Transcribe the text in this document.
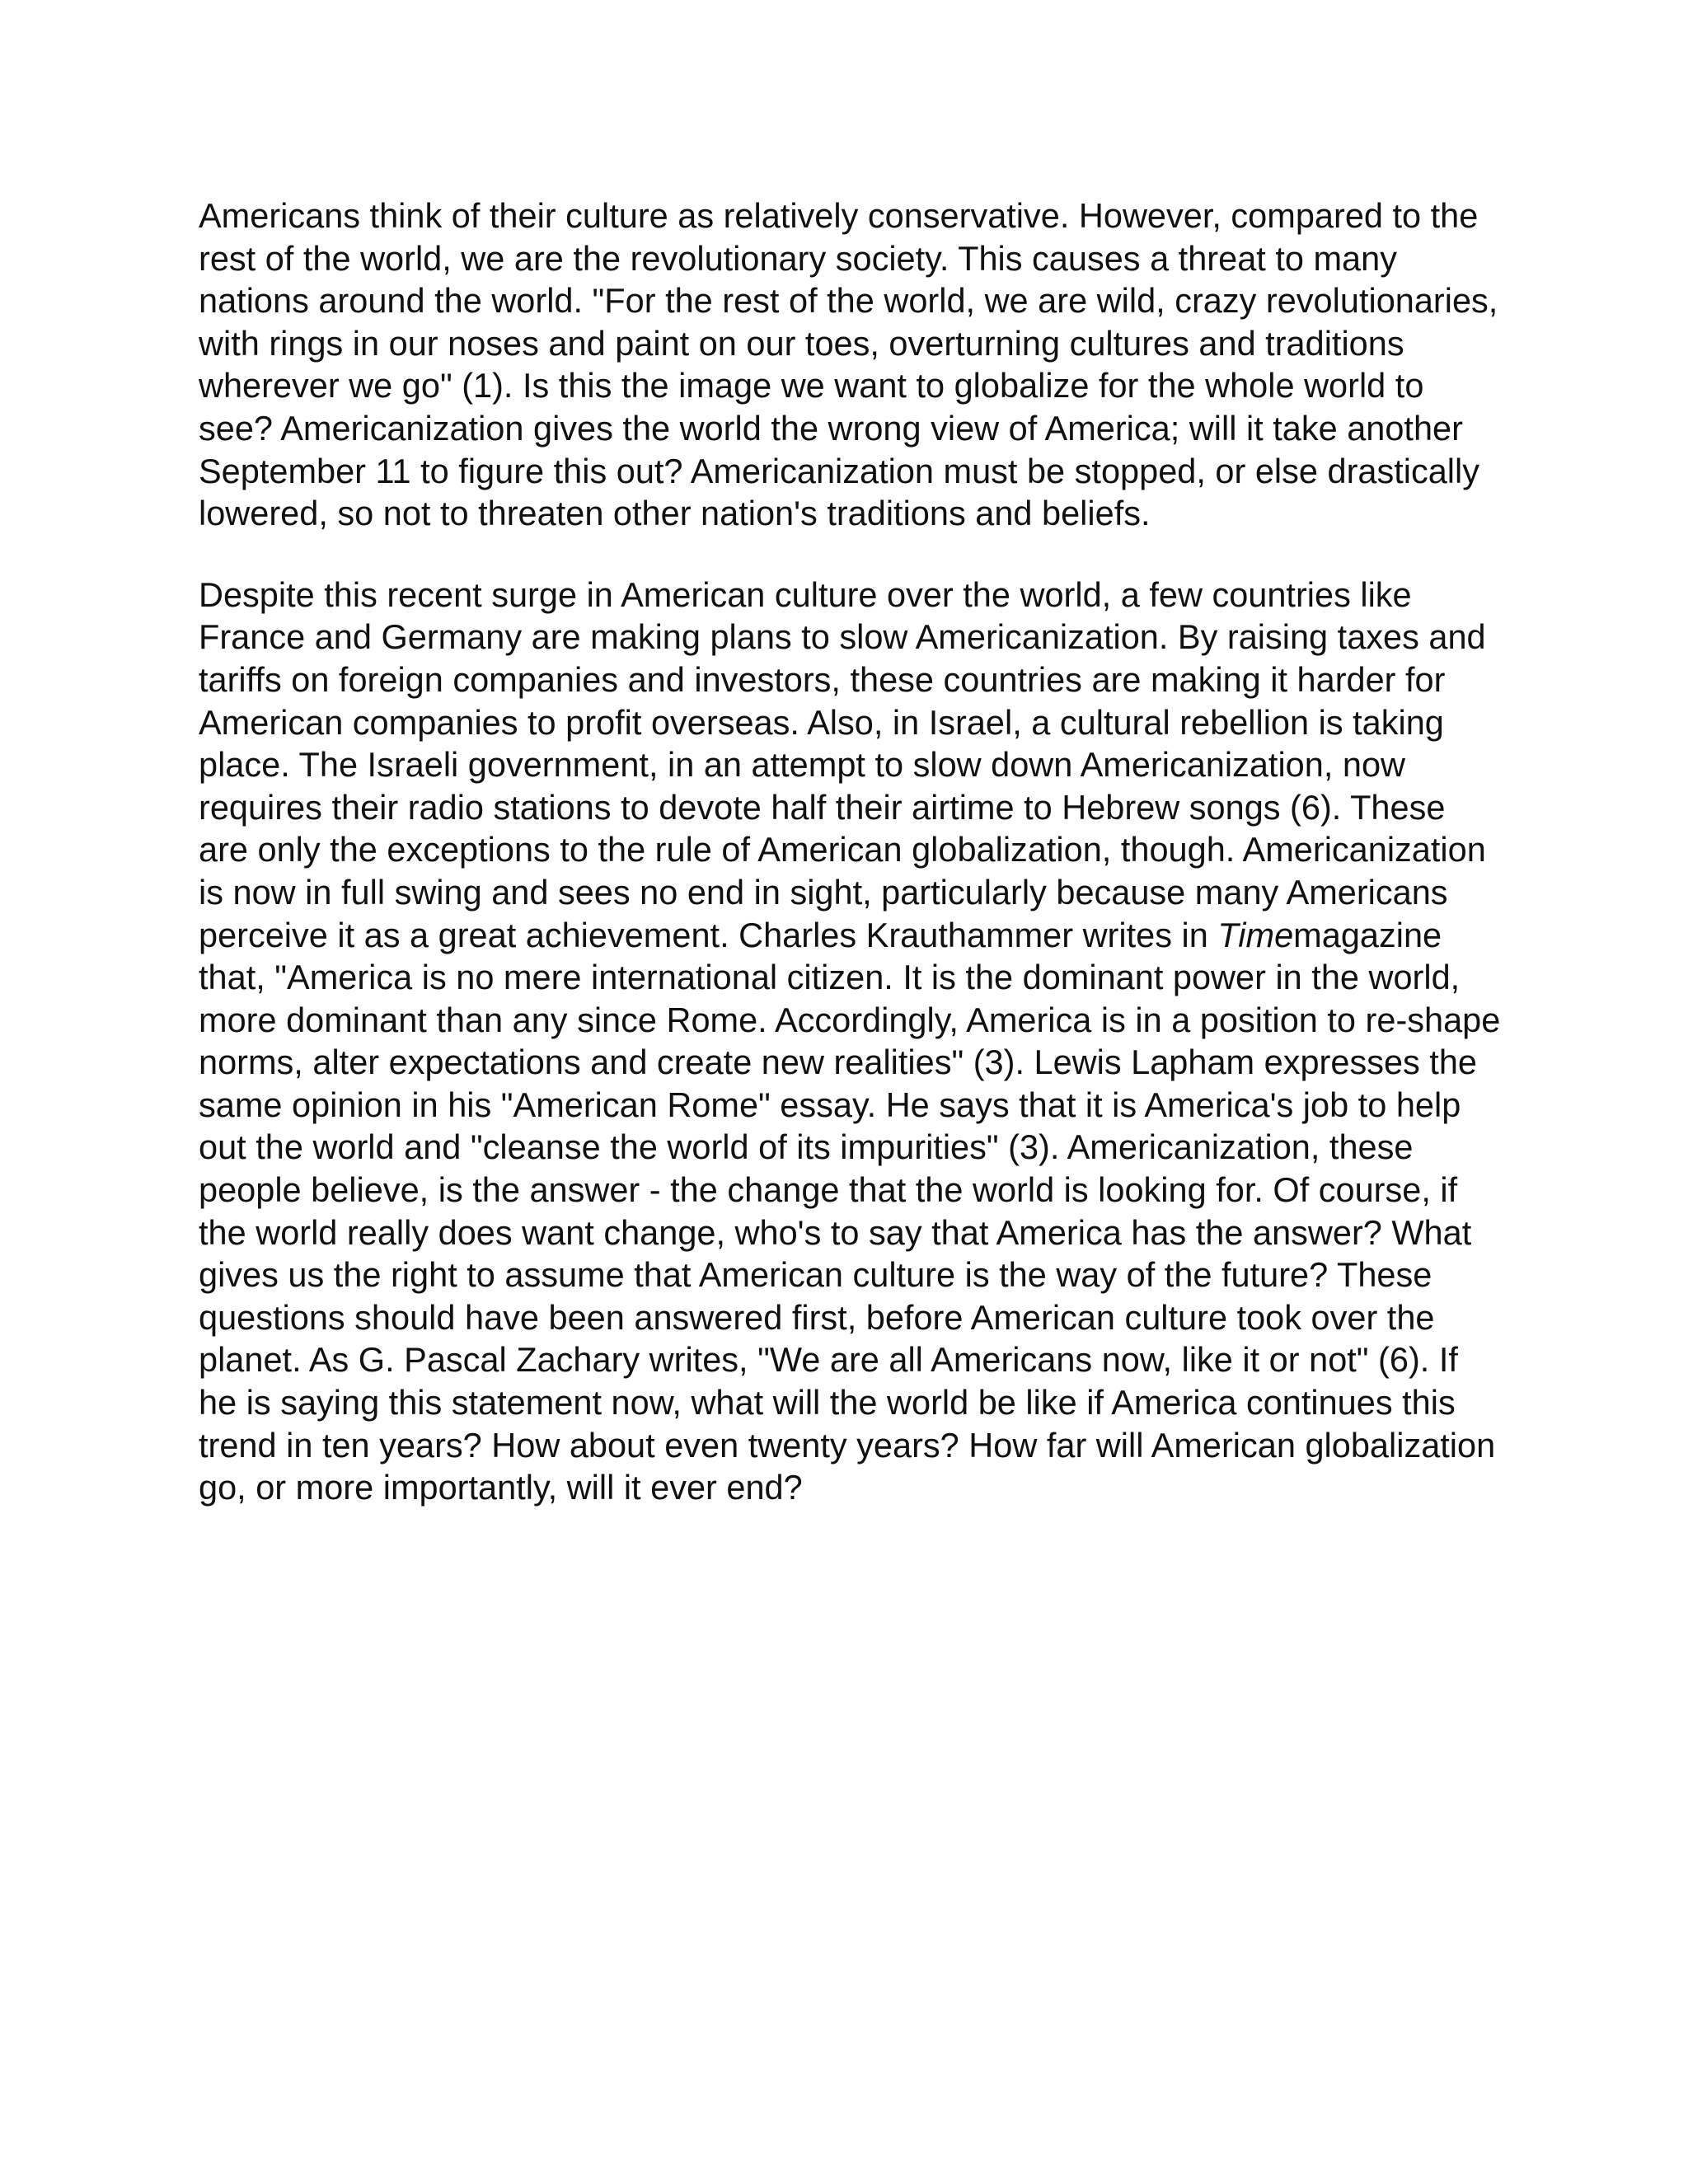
Americans think of their culture as relatively conservative. However, compared to the rest of the world, we are the revolutionary society. This causes a threat to many nations around the world. "For the rest of the world, we are wild, crazy revolutionaries, with rings in our noses and paint on our toes, overturning cultures and traditions wherever we go" (1). Is this the image we want to globalize for the whole world to see? Americanization gives the world the wrong view of America; will it take another September 11 to figure this out? Americanization must be stopped, or else drastically lowered, so not to threaten other nation's traditions and beliefs.

Despite this recent surge in American culture over the world, a few countries like France and Germany are making plans to slow Americanization. By raising taxes and tariffs on foreign companies and investors, these countries are making it harder for American companies to profit overseas. Also, in Israel, a cultural rebellion is taking place. The Israeli government, in an attempt to slow down Americanization, now requires their radio stations to devote half their airtime to Hebrew songs (6). These are only the exceptions to the rule of American globalization, though. Americanization is now in full swing and sees no end in sight, particularly because many Americans perceive it as a great achievement. Charles Krauthammer writes in Timemagazine that, "America is no mere international citizen. It is the dominant power in the world, more dominant than any since Rome. Accordingly, America is in a position to re-shape norms, alter expectations and create new realities" (3). Lewis Lapham expresses the same opinion in his "American Rome" essay. He says that it is America's job to help out the world and "cleanse the world of its impurities" (3). Americanization, these people believe, is the answer - the change that the world is looking for. Of course, if the world really does want change, who's to say that America has the answer? What gives us the right to assume that American culture is the way of the future? These questions should have been answered first, before American culture took over the planet. As G. Pascal Zachary writes, "We are all Americans now, like it or not" (6). If he is saying this statement now, what will the world be like if America continues this trend in ten years? How about even twenty years? How far will American globalization go, or more importantly, will it ever end?
